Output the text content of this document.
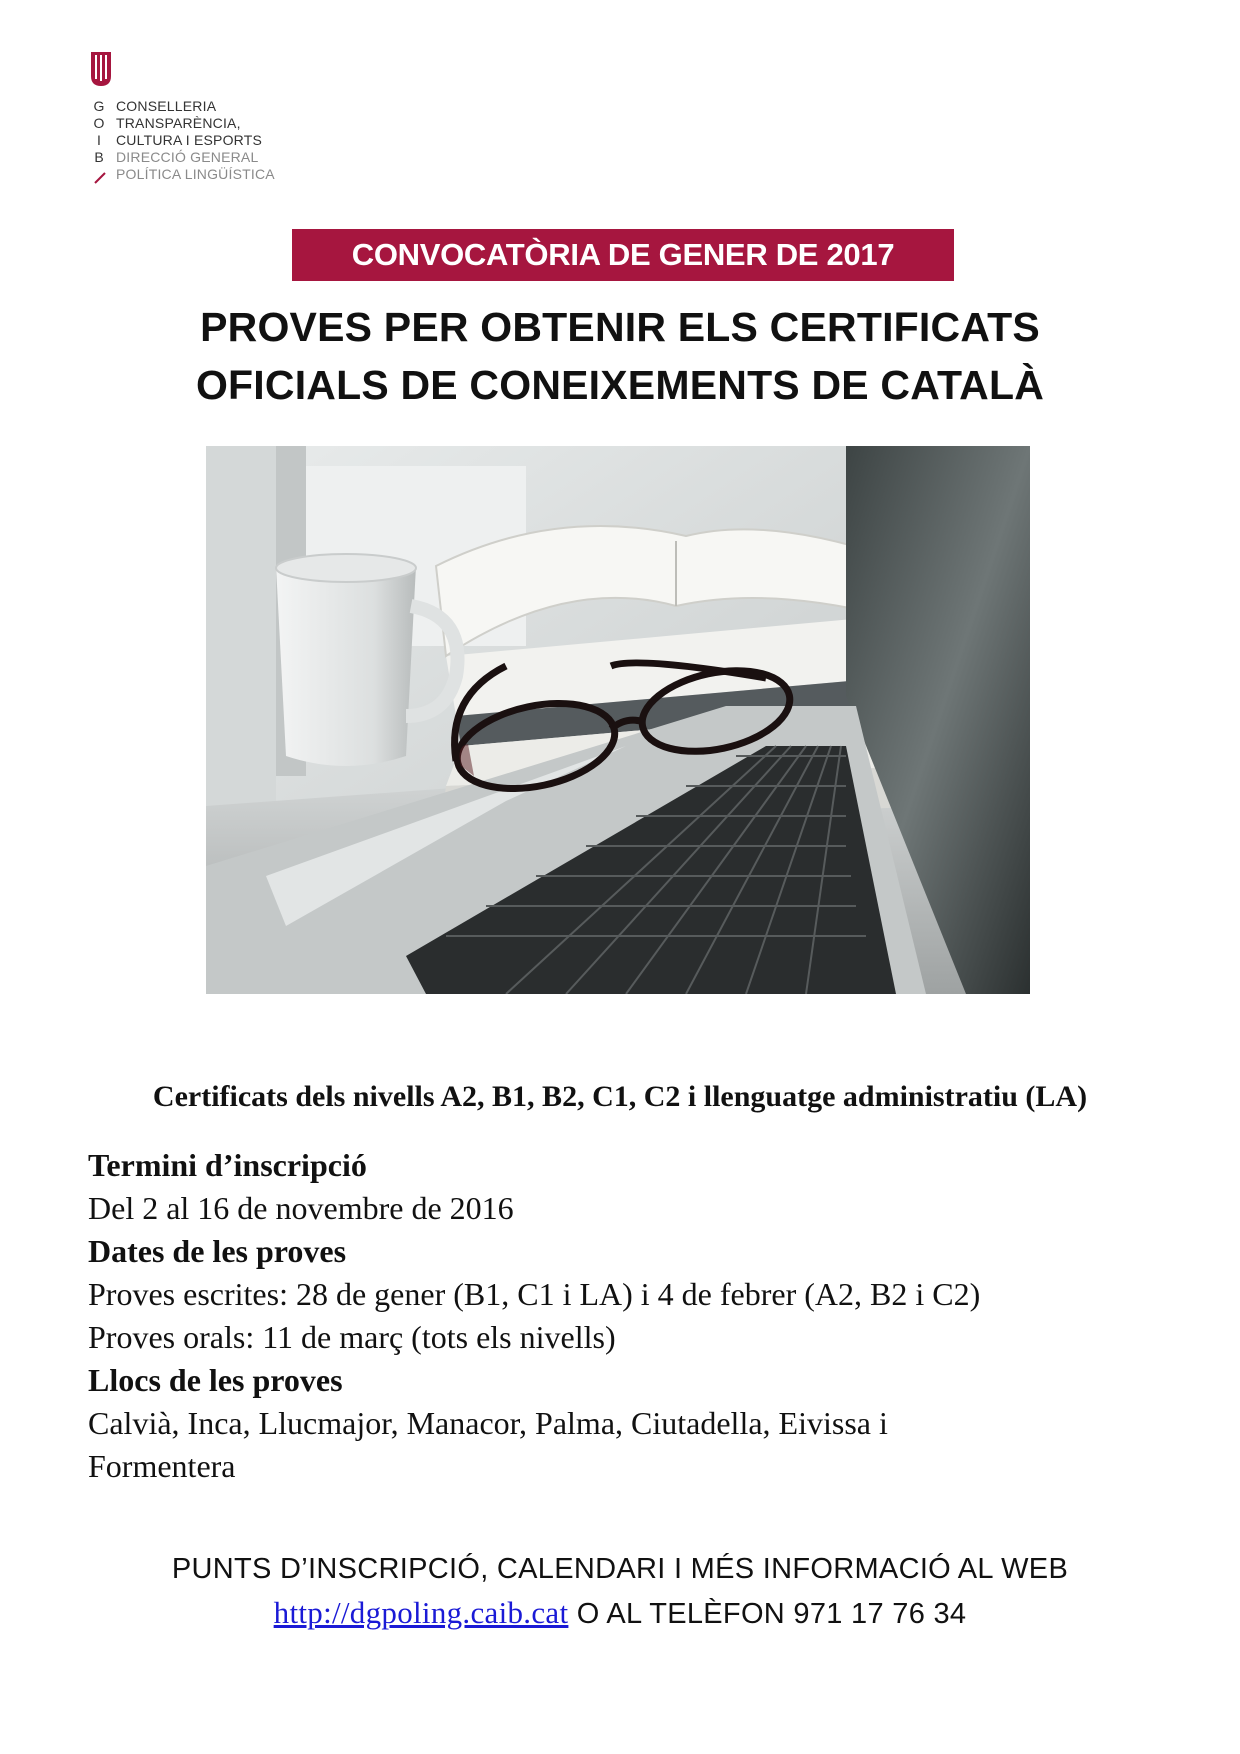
G
O
I
B
CONSELLERIA
TRANSPARÈNCIA,
CULTURA I ESPORTS
DIRECCIÓ GENERAL
POLÍTICA LINGÜÍSTICA
CONVOCATÒRIA DE GENER DE 2017
PROVES PER OBTENIR ELS CERTIFICATS
OFICIALS DE CONEIXEMENTS DE CATALÀ
Certificats dels nivells A2, B1, B2, C1, C2 i llenguatge administratiu (LA)
Termini d’inscripció
Del 2 al 16 de novembre de 2016
Dates de les proves
Proves escrites: 28 de gener (B1, C1 i LA) i 4 de febrer (A2, B2 i C2)
Proves orals: 11 de març (tots els nivells)
Llocs de les proves
Calvià, Inca, Llucmajor, Manacor, Palma, Ciutadella, Eivissa i
Formentera
PUNTS D’INSCRIPCIÓ, CALENDARI I MÉS INFORMACIÓ AL WEB
http://dgpoling.caib.cat O AL TELÈFON 971 17 76 34
